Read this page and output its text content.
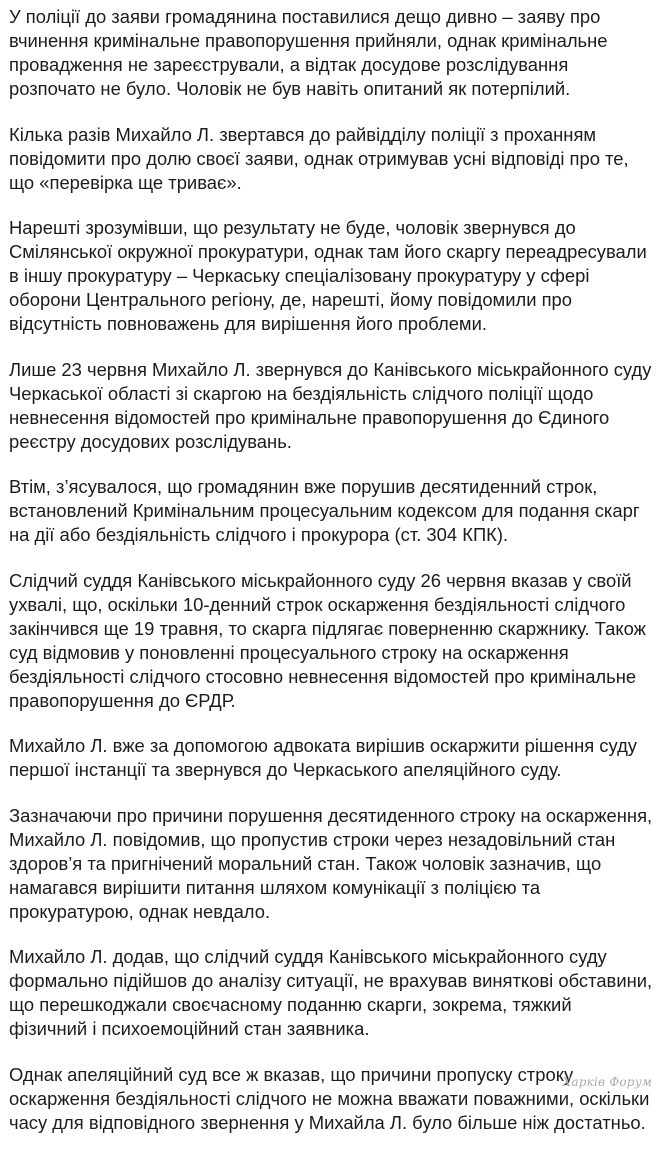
У поліції до заяви громадянина поставилися дещо дивно – заяву про вчинення кримінальне правопорушення прийняли, однак кримінальне провадження не зареєстрували, а відтак досудове розслідування розпочато не було. Чоловік не був навіть опитаний як потерпілий.

Кілька разів Михайло Л. звертався до райвідділу поліції з проханням повідомити про долю своєї заяви, однак отримував усні відповіді про те, що «перевірка ще триває».

Нарешті зрозумівши, що результату не буде, чоловік звернувся до Смілянської окружної прокуратури, однак там його скаргу переадресували в іншу прокуратуру – Черкаську спеціалізовану прокуратуру у сфері оборони Центрального регіону, де, нарешті, йому повідомили про відсутність повноважень для вирішення його проблеми.

Лише 23 червня Михайло Л. звернувся до Канівського міськрайонного суду Черкаської області зі скаргою на бездіяльність слідчого поліції щодо невнесення відомостей про кримінальне правопорушення до Єдиного реєстру досудових розслідувань.

Втім, з’ясувалося, що громадянин вже порушив десятиденний строк, встановлений Кримінальним процесуальним кодексом для подання скарг на дії або бездіяльність слідчого і прокурора (ст. 304 КПК).

Слідчий суддя Канівського міськрайонного суду 26 червня вказав у своїй ухвалі, що, оскільки 10-денний строк оскарження бездіяльності слідчого закінчився ще 19 травня, то скарга підлягає поверненню скаржнику. Також суд відмовив у поновленні процесуального строку на оскарження бездіяльності слідчого стосовно невнесення відомостей про кримінальне правопорушення до ЄРДР.

Михайло Л. вже за допомогою адвоката вирішив оскаржити рішення суду першої інстанції та звернувся до Черкаського апеляційного суду.

Зазначаючи про причини порушення десятиденного строку на оскарження, Михайло Л. повідомив, що пропустив строки через незадовільний стан здоров’я та пригнічений моральний стан. Також чоловік зазначив, що намагався вирішити питання шляхом комунікації з поліцією та прокуратурою, однак невдало.

Михайло Л. додав, що слідчий суддя Канівського міськрайонного суду формально підійшов до аналізу ситуації, не врахував виняткові обставини, що перешкоджали своєчасному поданню скарги, зокрема, тяжкий фізичний і психоемоційний стан заявника.

Однак апеляційний суд все ж вказав, що причини пропуску строку оскарження бездіяльності слідчого не можна вважати поважними, оскільки часу для відповідного звернення у Михайла Л. було більше ніж достатньо.

Харків Форум
